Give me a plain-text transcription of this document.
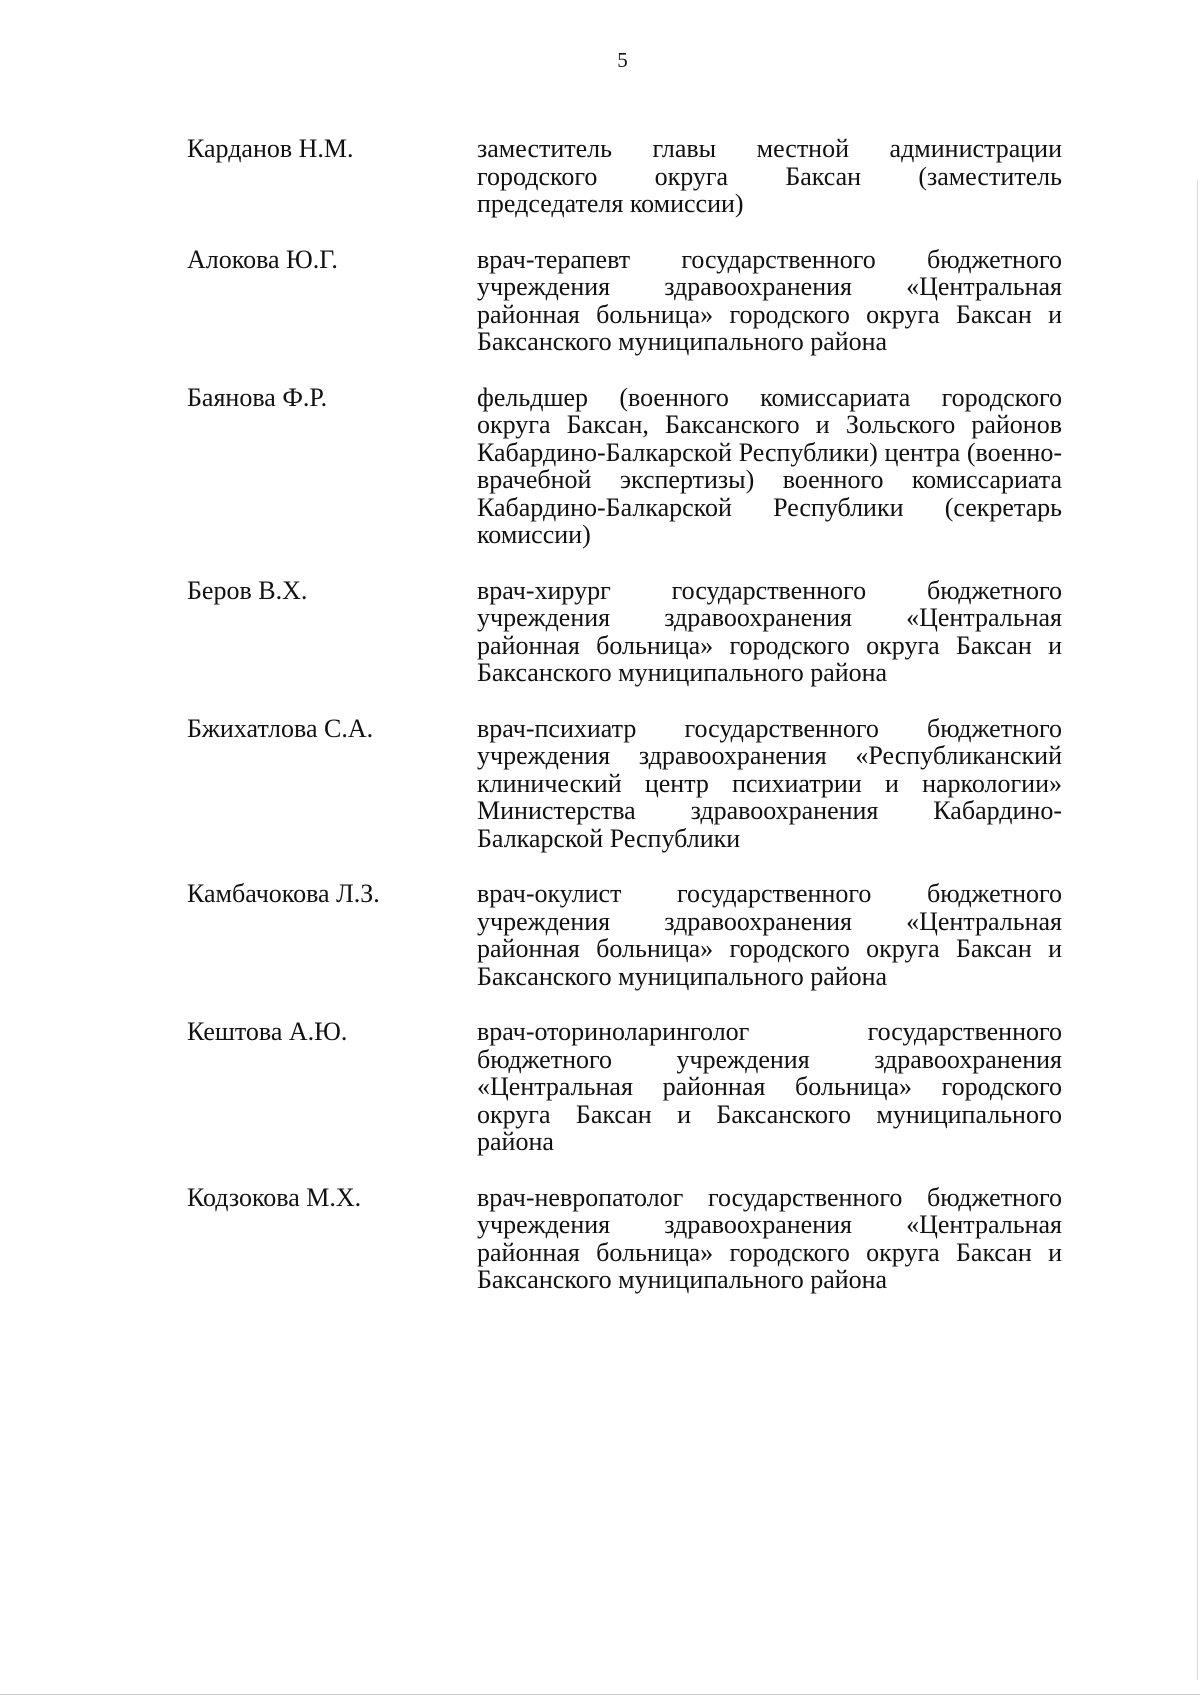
5
Карданов Н.М.	заместитель главы местной администрации городского округа Баксан (заместитель председателя комиссии)
Алокова Ю.Г.	врач-терапевт государственного бюджетного учреждения здравоохранения «Центральная районная больница» городского округа Баксан и Баксанского муниципального района
Баянова Ф.Р.	фельдшер (военного комиссариата городского округа Баксан, Баксанского и Зольского районов Кабардино-Балкарской Республики) центра (военно-врачебной экспертизы) военного комиссариата Кабардино-Балкарской Республики (секретарь комиссии)
Беров В.Х.	врач-хирург государственного бюджетного учреждения здравоохранения «Центральная районная больница» городского округа Баксан и Баксанского муниципального района
Бжихатлова С.А.	врач-психиатр государственного бюджетного учреждения здравоохранения «Республиканский клинический центр психиатрии и наркологии» Министерства здравоохранения Кабардино-Балкарской Республики
Камбачокова Л.З.	врач-окулист государственного бюджетного учреждения здравоохранения «Центральная районная больница» городского округа Баксан и Баксанского муниципального района
Кештова А.Ю.	врач-оториноларинголог государственного бюджетного учреждения здравоохранения «Центральная районная больница» городского округа Баксан и Баксанского муниципального района
Кодзокова М.Х.	врач-невропатолог государственного бюджетного учреждения здравоохранения «Центральная районная больница» городского округа Баксан и Баксанского муниципального района
